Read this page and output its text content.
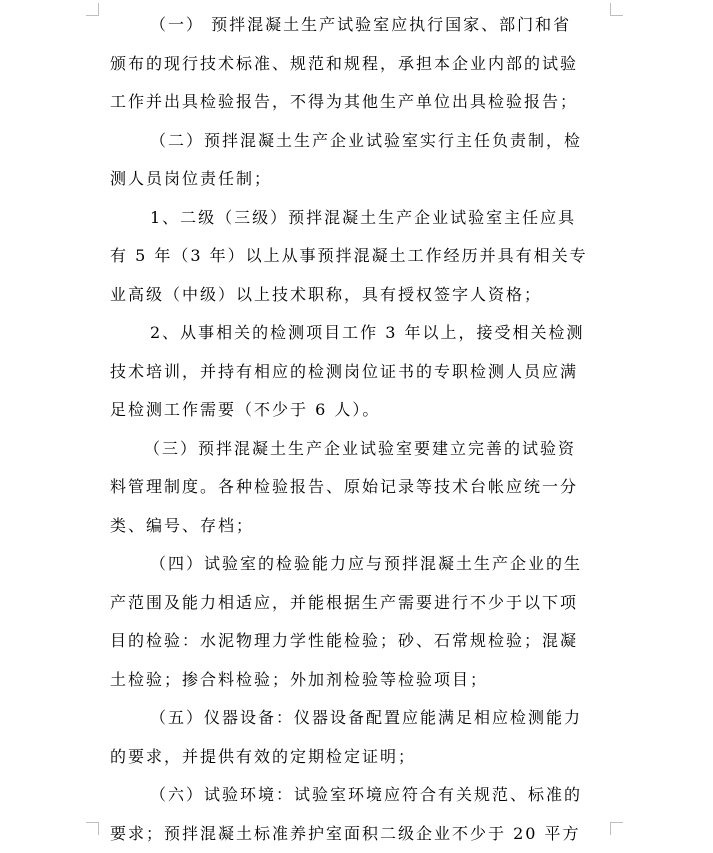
（一） 预拌混凝土生产试验室应执行国家、部门和省
颁布的现行技术标准、规范和规程，承担本企业内部的试验
工作并出具检验报告，不得为其他生产单位出具检验报告；

（二）预拌混凝土生产企业试验室实行主任负责制，检
测人员岗位责任制；

1、二级（三级）预拌混凝土生产企业试验室主任应具
有 5 年（3 年）以上从事预拌混凝土工作经历并具有相关专
业高级（中级）以上技术职称，具有授权签字人资格；

2、从事相关的检测项目工作 3 年以上，接受相关检测
技术培训，并持有相应的检测岗位证书的专职检测人员应满
足检测工作需要（不少于 6 人）。

（三）预拌混凝土生产企业试验室要建立完善的试验资
料管理制度。各种检验报告、原始记录等技术台帐应统一分
类、编号、存档；

（四）试验室的检验能力应与预拌混凝土生产企业的生
产范围及能力相适应，并能根据生产需要进行不少于以下项
目的检验：水泥物理力学性能检验；砂、石常规检验；混凝
土检验；掺合料检验；外加剂检验等检验项目；

（五）仪器设备：仪器设备配置应能满足相应检测能力
的要求，并提供有效的定期检定证明；

（六）试验环境：试验室环境应符合有关规范、标准的
要求；预拌混凝土标准养护室面积二级企业不少于 20 平方
